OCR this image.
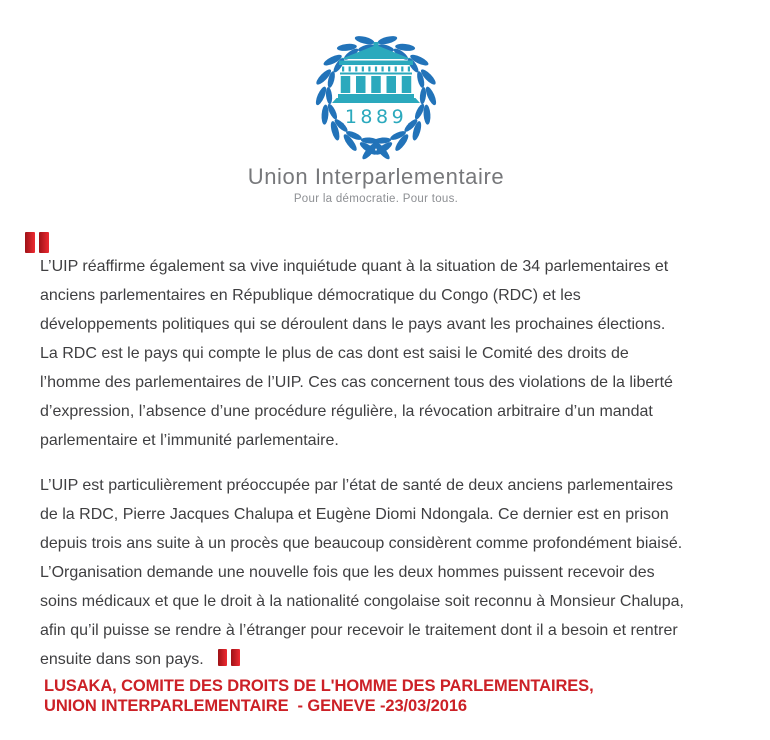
1889
Union Interparlementaire
Pour la démocratie. Pour tous.
L’UIP réaffirme également sa vive inquiétude quant à la situation de 34 parlementaires et
anciens parlementaires en République démocratique du Congo (RDC) et les
développements politiques qui se déroulent dans le pays avant les prochaines élections.
La RDC est le pays qui compte le plus de cas dont est saisi le Comité des droits de
l’homme des parlementaires de l’UIP. Ces cas concernent tous des violations de la liberté
d’expression, l’absence d’une procédure régulière, la révocation arbitraire d’un mandat
parlementaire et l’immunité parlementaire.
L’UIP est particulièrement préoccupée par l’état de santé de deux anciens parlementaires
de la RDC, Pierre Jacques Chalupa et Eugène Diomi Ndongala. Ce dernier est en prison
depuis trois ans suite à un procès que beaucoup considèrent comme profondément biaisé.
L’Organisation demande une nouvelle fois que les deux hommes puissent recevoir des
soins médicaux et que le droit à la nationalité congolaise soit reconnu à Monsieur Chalupa,
afin qu’il puisse se rendre à l’étranger pour recevoir le traitement dont il a besoin et rentrer
ensuite dans son pays.
LUSAKA, COMITE DES DROITS DE L'HOMME DES PARLEMENTAIRES,
UNION INTERPARLEMENTAIRE  - GENEVE -23/03/2016
